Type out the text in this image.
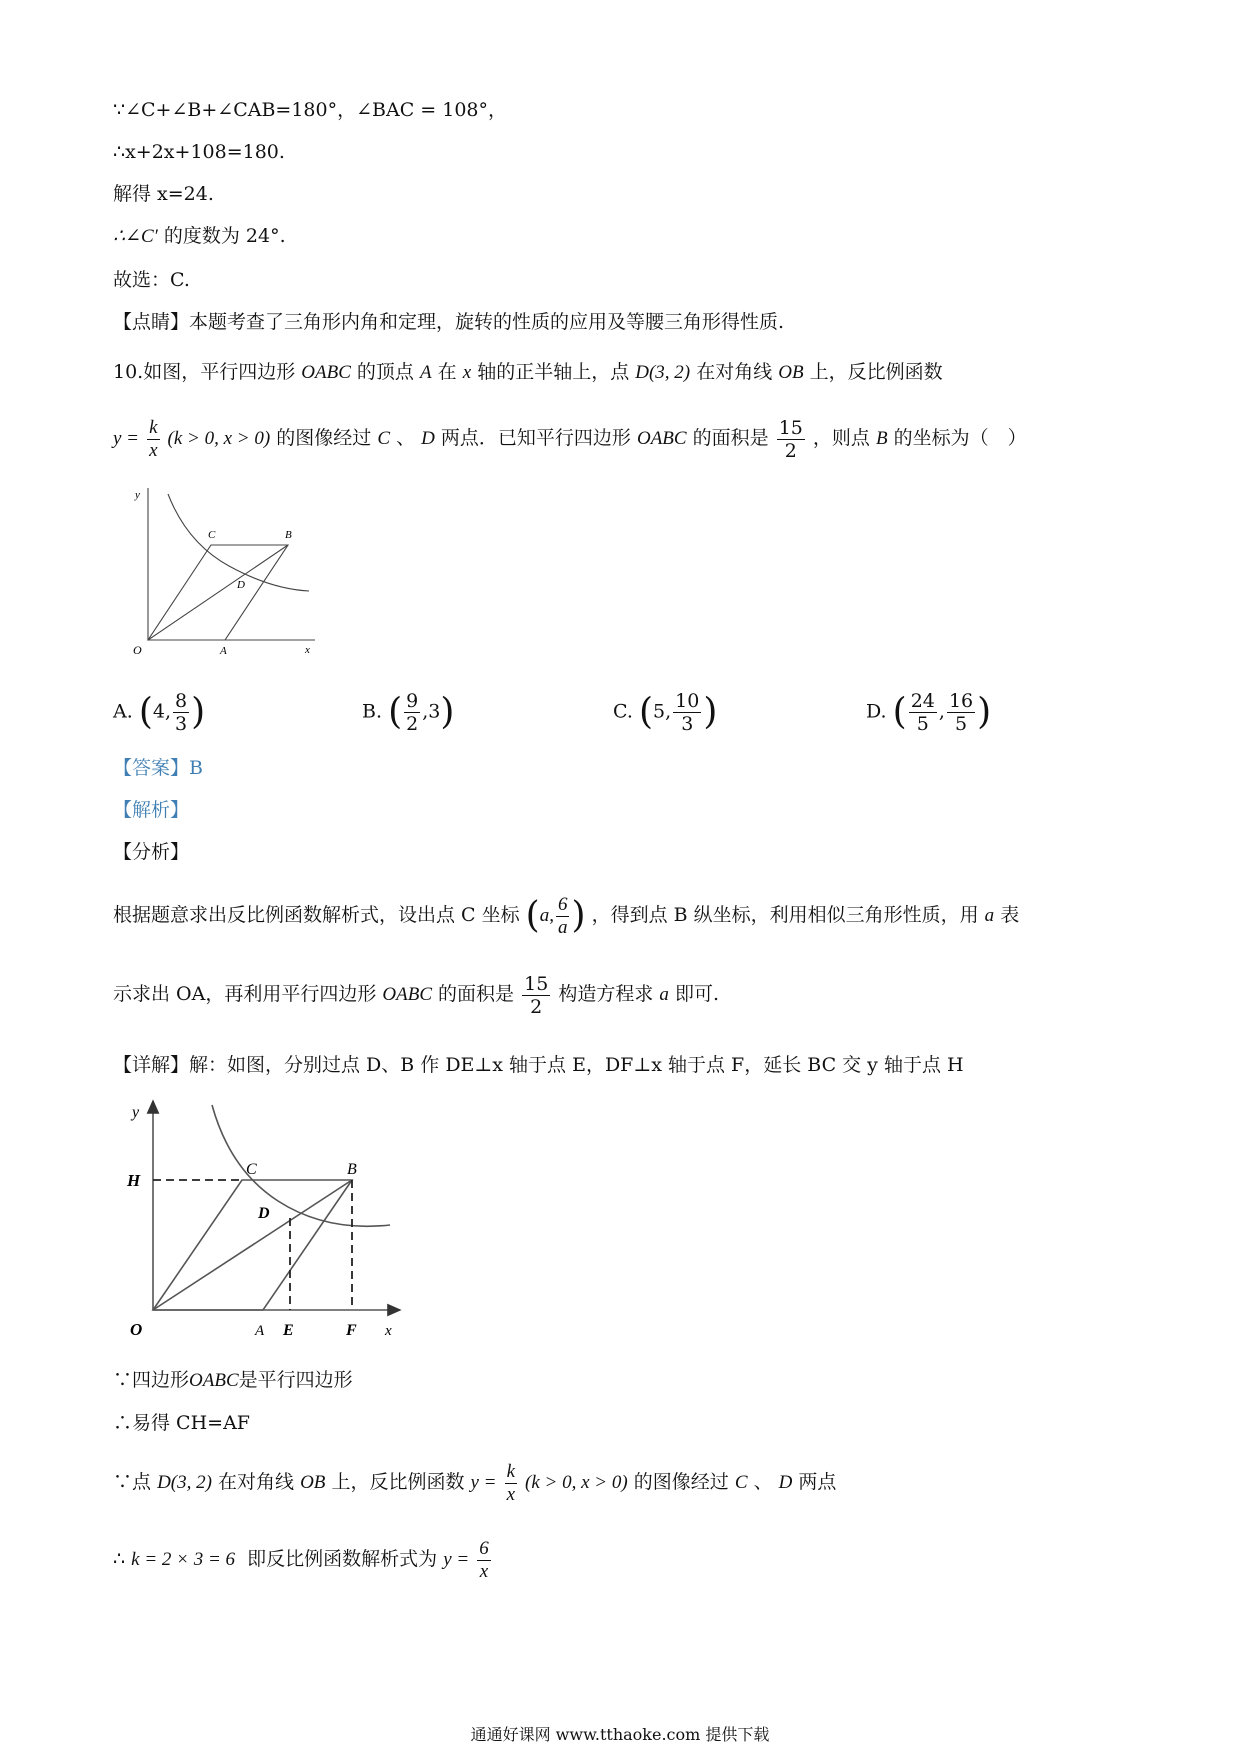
∵∠C+∠B+∠CAB=180°，∠BAC = 108°，
∴x+2x+108=180.
解得 x=24.
∴∠C′ 的度数为 24°.
故选：C.
【点睛】本题考查了三角形内角和定理，旋转的性质的应用及等腰三角形得性质.
10.如图，平行四边形 OABC 的顶点 A 在 x 轴的正半轴上，点 D(3, 2) 在对角线 OB 上，反比例函数
$y = \frac{k}{x} (k > 0$, x > 0) 的图像经过 C 、 D 两点．已知平行四边形 OABC 的面积是 $\frac{15}{2}$ ，则点 B 的坐标为（　）
y
x
O	A
C	B
D
A. (4, $\frac{8}{3}$ )	B. ( $\frac{9}{2} ,3$)	C. (5, $\frac{10}{3}$ )	D. ( $\frac{24}{5}$ , $\frac{16}{5}$ )
【答案】B
【解析】
【分析】
根据题意求出反比例函数解析式，设出点 C 坐标 (a, $\frac{6}{a}$ ) ，得到点 B 纵坐标，利用相似三角形性质，用 a 表
示求出 OA，再利用平行四边形 OABC 的面积是 $\frac{15}{2}$ 构造方程求 a 即可.
【详解】解：如图，分别过点 D、B 作 DE⊥x 轴于点 E，DF⊥x 轴于点 F，延长 BC 交 y 轴于点 H
y
x
O	A E	F
H
C	B
D
∵四边形OABC是平行四边形
∴易得 CH=AF
∵点 D(3, 2) 在对角线 OB 上，反比例函数 $y = \frac{k}{x} (k > 0$, x > 0) 的图像经过 C 、 D 两点
∴ k = 2 × 3 = 6 即反比例函数解析式为 $y = \frac{6}{x}$
通通好课网 www.tthaoke.com 提供下载
